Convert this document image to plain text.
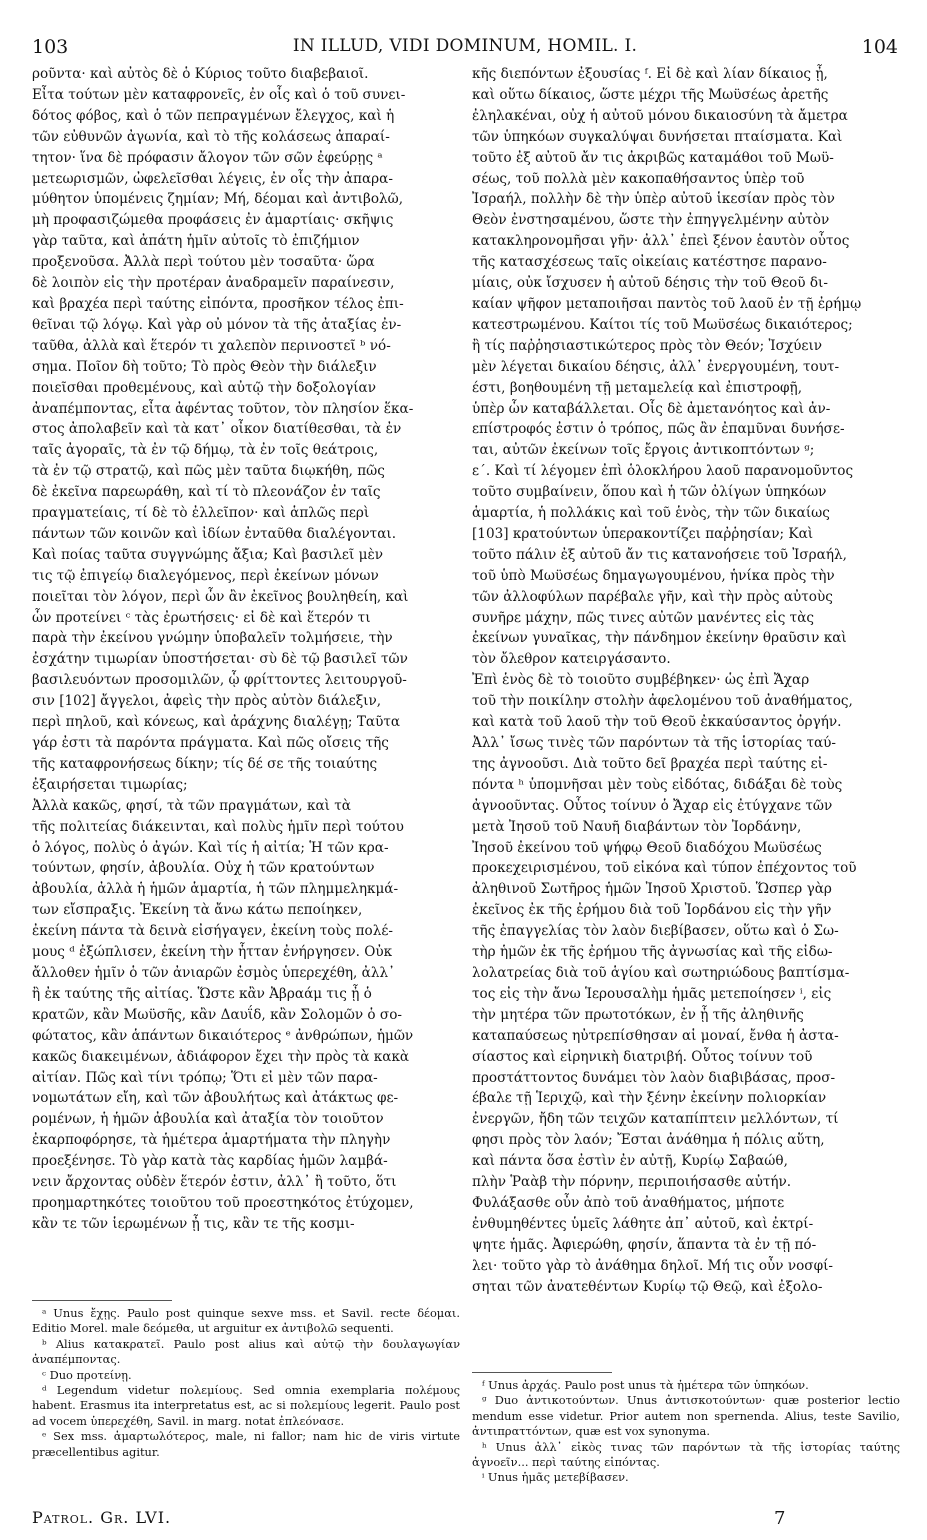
103	IN ILLUD, VIDI DOMINUM, HOMIL. I.	104
ροῦντα· καὶ αὐτὸς δὲ ὁ Κύριος τοῦτο διαβεβαιοῖ.
Εἶτα τούτων μὲν καταφρονεῖς, ἐν οἷς καὶ ὁ τοῦ συνει-
δότος φόβος, καὶ ὁ τῶν πεπραγμένων ἔλεγχος, καὶ ἡ
τῶν εὐθυνῶν ἀγωνία, καὶ τὸ τῆς κολάσεως ἀπαραί-
τητον· ἵνα δὲ πρόφασιν ἄλογον τῶν σῶν ἐφεύρῃς ᵃ
μετεωρισμῶν, ὠφελεῖσθαι λέγεις, ἐν οἷς τὴν ἀπαρα-
μύθητον ὑπομένεις ζημίαν; Μή, δέομαι καὶ ἀντιβολῶ,
μὴ προφασιζώμεθα προφάσεις ἐν ἁμαρτίαις· σκῆψις
γὰρ ταῦτα, καὶ ἀπάτη ἡμῖν αὐτοῖς τὸ ἐπιζήμιον
προξενοῦσα. Ἀλλὰ περὶ τούτου μὲν τοσαῦτα· ὥρα
δὲ λοιπὸν εἰς τὴν προτέραν ἀναδραμεῖν παραίνεσιν,
καὶ βραχέα περὶ ταύτης εἰπόντα, προσῆκον τέλος ἐπι-
θεῖναι τῷ λόγῳ. Καὶ γὰρ οὐ μόνον τὰ τῆς ἀταξίας ἐν-
ταῦθα, ἀλλὰ καὶ ἕτερόν τι χαλεπὸν περινοστεῖ ᵇ νό-
σημα. Ποῖον δὴ τοῦτο; Τὸ πρὸς Θεὸν τὴν διάλεξιν
ποιεῖσθαι προθεμένους, καὶ αὐτῷ τὴν δοξολογίαν
ἀναπέμποντας, εἶτα ἀφέντας τοῦτον, τὸν πλησίον ἕκα-
στος ἀπολαβεῖν καὶ τὰ κατ᾽ οἶκον διατίθεσθαι, τὰ ἐν
ταῖς ἀγοραῖς, τὰ ἐν τῷ δήμῳ, τὰ ἐν τοῖς θεάτροις,
τὰ ἐν τῷ στρατῷ, καὶ πῶς μὲν ταῦτα διῳκήθη, πῶς
δὲ ἐκεῖνα παρεωράθη, καὶ τί τὸ πλεονάζον ἐν ταῖς
πραγματείαις, τί δὲ τὸ ἐλλεῖπον· καὶ ἁπλῶς περὶ
πάντων τῶν κοινῶν καὶ ἰδίων ἐνταῦθα διαλέγονται.
Καὶ ποίας ταῦτα συγγνώμης ἄξια; Καὶ βασιλεῖ μὲν
τις τῷ ἐπιγείῳ διαλεγόμενος, περὶ ἐκείνων μόνων
ποιεῖται τὸν λόγον, περὶ ὧν ἂν ἐκεῖνος βουληθείη, καὶ
ὧν προτείνει ᶜ τὰς ἐρωτήσεις· εἰ δὲ καὶ ἕτερόν τι
παρὰ τὴν ἐκείνου γνώμην ὑποβαλεῖν τολμήσειε, τὴν
ἐσχάτην τιμωρίαν ὑποστήσεται· σὺ δὲ τῷ βασιλεῖ τῶν
βασιλευόντων προσομιλῶν, ᾧ φρίττοντες λειτουργοῦ-
σιν [102] ἄγγελοι, ἀφεὶς τὴν πρὸς αὐτὸν διάλεξιν,
περὶ πηλοῦ, καὶ κόνεως, καὶ ἀράχνης διαλέγῃ; Ταῦτα
γάρ ἐστι τὰ παρόντα πράγματα. Καὶ πῶς οἴσεις τῆς
τῆς καταφρονήσεως δίκην; τίς δέ σε τῆς τοιαύτης
ἐξαιρήσεται τιμωρίας;
Ἀλλὰ κακῶς, φησί, τὰ τῶν πραγμάτων, καὶ τὰ
τῆς πολιτείας διάκεινται, καὶ πολὺς ἡμῖν περὶ τούτου
ὁ λόγος, πολὺς ὁ ἀγών. Καὶ τίς ἡ αἰτία; Ἡ τῶν κρα-
τούντων, φησίν, ἀβουλία. Οὐχ ἡ τῶν κρατούντων
ἀβουλία, ἀλλὰ ἡ ἡμῶν ἁμαρτία, ἡ τῶν πλημμεληκμά-
των εἴσπραξις. Ἐκείνη τὰ ἄνω κάτω πεποίηκεν,
ἐκείνη πάντα τὰ δεινὰ εἰσήγαγεν, ἐκείνη τοὺς πολέ-
μους ᵈ ἐξώπλισεν, ἐκείνη τὴν ἧτταν ἐνήργησεν. Οὐκ
ἄλλοθεν ἡμῖν ὁ τῶν ἀνιαρῶν ἐσμὸς ὑπερεχέθη, ἀλλ᾽
ἢ ἐκ ταύτης τῆς αἰτίας. Ὥστε κἂν Ἀβραάμ τις ᾖ ὁ
κρατῶν, κἂν Μωϋσῆς, κἂν Δαυΐδ, κἂν Σολομῶν ὁ σο-
φώτατος, κἂν ἁπάντων δικαιότερος ᵉ ἀνθρώπων, ἡμῶν
κακῶς διακειμένων, ἀδιάφορον ἔχει τὴν πρὸς τὰ κακὰ
αἰτίαν. Πῶς καὶ τίνι τρόπῳ; Ὅτι εἰ μὲν τῶν παρα-
νομωτάτων εἴη, καὶ τῶν ἀβουλήτως καὶ ἀτάκτως φε-
ρομένων, ἡ ἡμῶν ἀβουλία καὶ ἀταξία τὸν τοιοῦτον
ἐκαρποφόρησε, τὰ ἡμέτερα ἁμαρτήματα τὴν πληγὴν
προεξένησε. Τὸ γὰρ κατὰ τὰς καρδίας ἡμῶν λαμβά-
νειν ἄρχοντας οὐδὲν ἕτερόν ἐστιν, ἀλλ᾽ ἢ τοῦτο, ὅτι
προημαρτηκότες τοιοῦτου τοῦ προεστηκότος ἐτύχομεν,
κἂν τε τῶν ἱερωμένων ᾖ τις, κἂν τε τῆς κοσμι-
κῆς διεπόντων ἐξουσίας ᶠ. Εἰ δὲ καὶ λίαν δίκαιος ᾖ,
καὶ οὕτω δίκαιος, ὥστε μέχρι τῆς Μωϋσέως ἀρετῆς
ἐληλακέναι, οὐχ ἡ αὐτοῦ μόνου δικαιοσύνη τὰ ἄμετρα
τῶν ὑπηκόων συγκαλύψαι δυνήσεται πταίσματα. Καὶ
τοῦτο ἐξ αὐτοῦ ἄν τις ἀκριβῶς καταμάθοι τοῦ Μωϋ-
σέως, τοῦ πολλὰ μὲν κακοπαθήσαντος ὑπὲρ τοῦ
Ἰσραήλ, πολλὴν δὲ τὴν ὑπὲρ αὐτοῦ ἱκεσίαν πρὸς τὸν
Θεὸν ἐνστησαμένου, ὥστε τὴν ἐπηγγελμένην αὐτὸν
κατακληρονομῆσαι γῆν· ἀλλ᾽ ἐπεὶ ξένον ἑαυτὸν οὗτος
τῆς κατασχέσεως ταῖς οἰκείαις κατέστησε παρανο-
μίαις, οὐκ ἴσχυσεν ἡ αὐτοῦ δέησις τὴν τοῦ Θεοῦ δι-
καίαν ψῆφον μεταποιῆσαι παντὸς τοῦ λαοῦ ἐν τῇ ἐρήμῳ
κατεστρωμένου. Καίτοι τίς τοῦ Μωϋσέως δικαιότερος;
ἢ τίς παῤῥησιαστικώτερος πρὸς τὸν Θεόν; Ἰσχύειν
μὲν λέγεται δικαίου δέησις, ἀλλ᾽ ἐνεργουμένη, τουτ-
έστι, βοηθουμένη τῇ μεταμελείᾳ καὶ ἐπιστροφῇ,
ὑπὲρ ὧν καταβάλλεται. Οἷς δὲ ἀμετανόητος καὶ ἀν-
επίστροφός ἐστιν ὁ τρόπος, πῶς ἂν ἐπαμῦναι δυνήσε-
ται, αὐτῶν ἐκείνων τοῖς ἔργοις ἀντικοπτόντων ᵍ;
ε΄. Καὶ τί λέγομεν ἐπὶ ὁλοκλήρου λαοῦ παρανομοῦντος
τοῦτο συμβαίνειν, ὅπου καὶ ἡ τῶν ὀλίγων ὑπηκόων
ἁμαρτία, ἡ πολλάκις καὶ τοῦ ἑνὸς, τὴν τῶν δικαίως
[103] κρατούντων ὑπερακοντίζει παῤῥησίαν; Καὶ
τοῦτο πάλιν ἐξ αὐτοῦ ἄν τις κατανοήσειε τοῦ Ἰσραήλ,
τοῦ ὑπὸ Μωϋσέως δημαγωγουμένου, ἡνίκα πρὸς τὴν
τῶν ἀλλοφύλων παρέβαλε γῆν, καὶ τὴν πρὸς αὐτοὺς
συνῆρε μάχην, πῶς τινες αὐτῶν μανέντες εἰς τὰς
ἐκείνων γυναῖκας, τὴν πάνδημον ἐκείνην θραῦσιν καὶ
τὸν ὄλεθρον κατειργάσαντο.
Ἐπὶ ἑνὸς δὲ τὸ τοιοῦτο συμβέβηκεν· ὡς ἐπὶ Ἄχαρ
τοῦ τὴν ποικίλην στολὴν ἀφελομένου τοῦ ἀναθήματος,
καὶ κατὰ τοῦ λαοῦ τὴν τοῦ Θεοῦ ἐκκαύσαντος ὀργήν.
Ἀλλ᾽ ἴσως τινὲς τῶν παρόντων τὰ τῆς ἱστορίας ταύ-
της ἀγνοοῦσι. Διὰ τοῦτο δεῖ βραχέα περὶ ταύτης εἰ-
πόντα ʰ ὑπομνῆσαι μὲν τοὺς εἰδότας, διδάξαι δὲ τοὺς
ἀγνοοῦντας. Οὗτος τοίνυν ὁ Ἄχαρ εἰς ἐτύγχανε τῶν
μετὰ Ἰησοῦ τοῦ Ναυῆ διαβάντων τὸν Ἰορδάνην,
Ἰησοῦ ἐκείνου τοῦ ψήφῳ Θεοῦ διαδόχου Μωϋσέως
προκεχειρισμένου, τοῦ εἰκόνα καὶ τύπον ἐπέχοντος τοῦ
ἀληθινοῦ Σωτῆρος ἡμῶν Ἰησοῦ Χριστοῦ. Ὥσπερ γὰρ
ἐκεῖνος ἐκ τῆς ἐρήμου διὰ τοῦ Ἰορδάνου εἰς τὴν γῆν
τῆς ἐπαγγελίας τὸν λαὸν διεβίβασεν, οὕτω καὶ ὁ Σω-
τὴρ ἡμῶν ἐκ τῆς ἐρήμου τῆς ἀγνωσίας καὶ τῆς εἰδω-
λολατρείας διὰ τοῦ ἁγίου καὶ σωτηριώδους βαπτίσμα-
τος εἰς τὴν ἄνω Ἱερουσαλὴμ ἡμᾶς μετεποίησεν ⁱ, εἰς
τὴν μητέρα τῶν πρωτοτόκων, ἐν ᾗ τῆς ἀληθινῆς
καταπαύσεως ηὐτρεπίσθησαν αἱ μοναί, ἔνθα ἡ ἀστα-
σίαστος καὶ εἰρηνικὴ διατριβή. Οὗτος τοίνυν τοῦ
προστάττοντος δυνάμει τὸν λαὸν διαβιβάσας, προσ-
έβαλε τῇ Ἱεριχῷ, καὶ τὴν ξένην ἐκείνην πολιορκίαν
ἐνεργῶν, ἤδη τῶν τειχῶν καταπίπτειν μελλόντων, τί
φησι πρὸς τὸν λαόν; Ἔσται ἀνάθημα ἡ πόλις αὕτη,
καὶ πάντα ὅσα ἐστὶν ἐν αὐτῇ, Κυρίῳ Σαβαώθ,
πλὴν Ῥαὰβ τὴν πόρνην, περιποιήσασθε αὐτήν.
Φυλάξασθε οὖν ἀπὸ τοῦ ἀναθήματος, μήποτε
ἐνθυμηθέντες ὑμεῖς λάθητε ἀπ᾽ αὐτοῦ, καὶ ἐκτρί-
ψητε ἡμᾶς. Ἀφιερώθη, φησίν, ἅπαντα τὰ ἐν τῇ πό-
λει· τοῦτο γὰρ τὸ ἀνάθημα δηλοῖ. Μή τις οὖν νοσφί-
σηται τῶν ἀνατεθέντων Κυρίῳ τῷ Θεῷ, καὶ ἐξολο-

ᵃ Unus ἔχῃς. Paulo post quinque sexve mss. et Savil. recte δέομαι. Editio Morel. male δεόμεθα, ut arguitur ex ἀντιβολῶ sequenti.

ᵇ Alius κατακρατεῖ. Paulo post alius καὶ αὐτῷ τὴν δουλαγωγίαν ἀναπέμποντας.

ᶜ Duo προτείνῃ.

ᵈ Legendum videtur πολεμίους. Sed omnia exemplaria πολέμους habent. Erasmus ita interpretatus est, ac si πολεμίους legerit. Paulo post ad vocem ὑπερεχέθη, Savil. in marg. notat ἐπλεόνασε.

ᵉ Sex mss. ἁμαρτωλότερος, male, ni fallor; nam hic de viris virtute præcellentibus agitur.

ᶠ Unus ἀρχάς. Paulo post unus τὰ ἡμέτερα τῶν ὑπηκόων.

ᵍ Duo ἀντικοτούντων. Unus ἀντισκοτούντων· quæ posterior lectio mendum esse videtur. Prior autem non spernenda. Alius, teste Savilio, ἀντιπραττόντων, quæ est vox synonyma.

ʰ Unus ἀλλ᾽ εἰκὸς τινας τῶν παρόντων τὰ τῆς ἱστορίας ταύτης ἀγνοεῖν... περὶ ταύτης εἰπόντας.

ⁱ Unus ἡμᾶς μετεβίβασεν.

Patrol. Gr. LVI.	7
